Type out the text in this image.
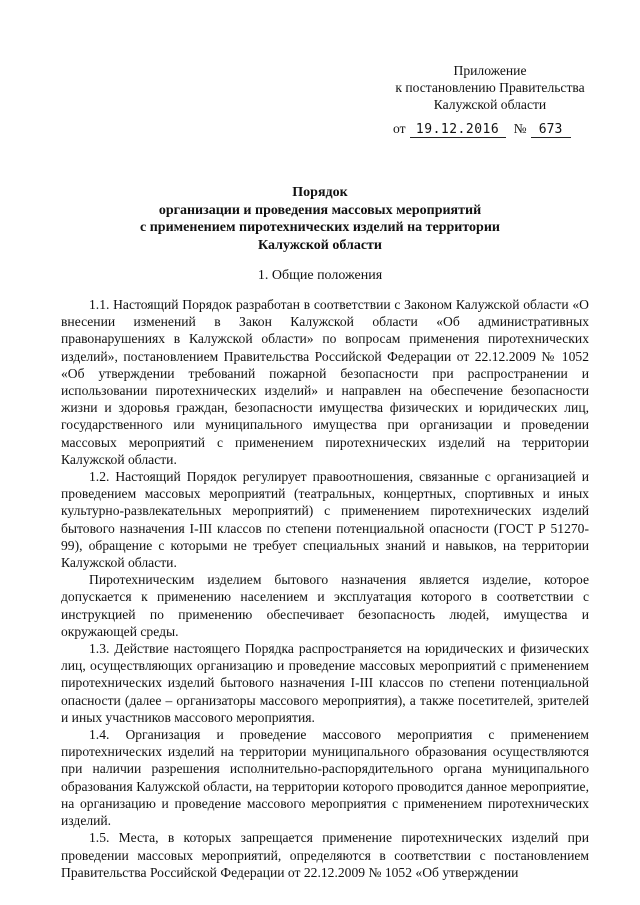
Приложение
к постановлению Правительства
Калужской области
от 19.12.2016 № 673
Порядок
организации и проведения массовых мероприятий
с применением пиротехнических изделий на территории
Калужской области
1. Общие положения

1.1. Настоящий Порядок разработан в соответствии с Законом Калужской области «О внесении изменений в Закон Калужской области «Об административных правонарушениях в Калужской области» по вопросам применения пиротехнических изделий», постановлением Правительства Российской Федерации от 22.12.2009 № 1052 «Об утверждении требований пожарной безопасности при распространении и использовании пиротехнических изделий» и направлен на обеспечение безопасности жизни и здоровья граждан, безопасности имущества физических и юридических лиц, государственного или муниципального имущества при организации и проведении массовых мероприятий с применением пиротехнических изделий на территории Калужской области.

1.2. Настоящий Порядок регулирует правоотношения, связанные с организацией и проведением массовых мероприятий (театральных, концертных, спортивных и иных культурно-развлекательных мероприятий) с применением пиротехнических изделий бытового назначения I-III классов по степени потенциальной опасности (ГОСТ Р 51270-99), обращение с которыми не требует специальных знаний и навыков, на территории Калужской области.

Пиротехническим изделием бытового назначения является изделие, которое допускается к применению населением и эксплуатация которого в соответствии с инструкцией по применению обеспечивает безопасность людей, имущества и окружающей среды.

1.3. Действие настоящего Порядка распространяется на юридических и физических лиц, осуществляющих организацию и проведение массовых мероприятий с применением пиротехнических изделий бытового назначения I-III классов по степени потенциальной опасности (далее – организаторы массового мероприятия), а также посетителей, зрителей и иных участников массового мероприятия.

1.4. Организация и проведение массового мероприятия с применением пиротехнических изделий на территории муниципального образования осуществляются при наличии разрешения исполнительно-распорядительного органа муниципального образования Калужской области, на территории которого проводится данное мероприятие, на организацию и проведение массового мероприятия с применением пиротехнических изделий.

1.5. Места, в которых запрещается применение пиротехнических изделий при проведении массовых мероприятий, определяются в соответствии с постановлением Правительства Российской Федерации от 22.12.2009 № 1052 «Об утверждении
